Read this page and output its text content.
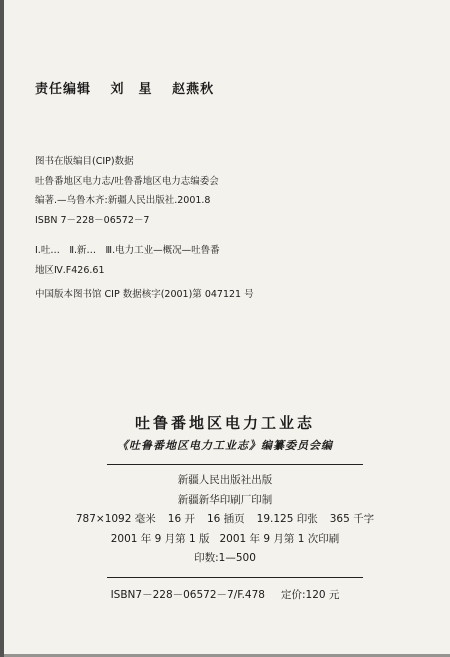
责任编辑 刘　星 赵燕秋
图书在版编目(CIP)数据
吐鲁番地区电力志/吐鲁番地区电力志编委会
编著.—乌鲁木齐:新疆人民出版社.2001.8
ISBN 7－228－06572－7
Ⅰ.吐…　Ⅱ.新…　Ⅲ.电力工业—概况—吐鲁番
地区Ⅳ.F426.61
中国版本图书馆 CIP 数据核字(2001)第 047121 号
吐鲁番地区电力工业志
《吐鲁番地区电力工业志》编纂委员会编
新疆人民出版社出版
新疆新华印刷厂印制
787×1092 毫米 16 开 16 插页 19.125 印张 365 千字
2001 年 9 月第 1 版 2001 年 9 月第 1 次印刷
印数:1—500
ISBN7－228－06572－7/F.478 定价:120 元
